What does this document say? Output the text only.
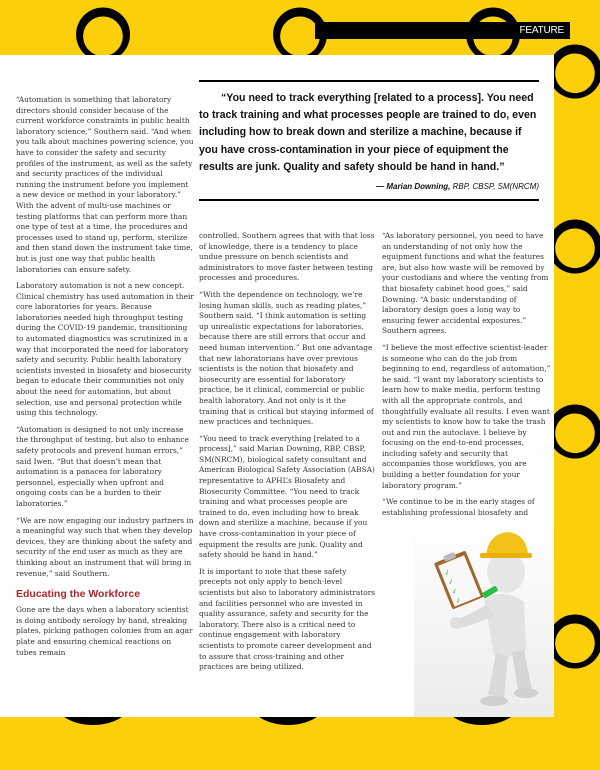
FEATURE

“You need to track everything [related to a process]. You need to track training and what processes people are trained to do, even including how to break down and sterilize a machine, because if you have cross-contamination in your piece of equipment the results are junk. Quality and safety should be hand in hand.”

— Marian Downing, RBP, CBSP, SM(NRCM)

“Automation is something that laboratory directors should consider because of the current workforce constraints in public health laboratory science,” Southern said. “And when you talk about machines powering science, you have to consider the safety and security profiles of the instrument, as well as the safety and security practices of the individual running the instrument before you implement a new device or method in your laboratory.” With the advent of multi-use machines or testing platforms that can perform more than one type of test at a time, the procedures and processes used to stand up, perform, sterilize and then stand down the instrument take time, but is just one way that public health laboratories can ensure safety.

Laboratory automation is not a new concept. Clinical chemistry has used automation in their core laboratories for years. Because laboratories needed high throughput testing during the COVID-19 pandemic, transitioning to automated diagnostics was scrutinized in a way that incorporated the need for laboratory safety and security. Public health laboratory scientists invested in biosafety and biosecurity began to educate their communities not only about the need for automation, but about selection, use and personal protection while using this technology.

“Automation is designed to not only increase the throughput of testing, but also to enhance safety protocols and prevent human errors,” said Iwen. “But that doesn’t mean that automation is a panacea for laboratory personnel, especially when upfront and ongoing costs can be a burden to their laboratories.”

“We are now engaging our industry partners in a meaningful way such that when they develop devices, they are thinking about the safety and security of the end user as much as they are thinking about an instrument that will bring in revenue,” said Southern.

Educating the Workforce

Gone are the days when a laboratory scientist is doing antibody serology by hand, streaking plates, picking pathogen colonies from an agar plate and ensuring chemical reactions on tubes remain

controlled. Southern agrees that with that loss of knowledge, there is a tendency to place undue pressure on bench scientists and administrators to move faster between testing processes and procedures.

“With the dependence on technology, we’re losing human skills, such as reading plates,” Southern said. “I think automation is setting up unrealistic expectations for laboratories, because there are still errors that occur and need human intervention.” But one advantage that new laboratorians have over previous scientists is the notion that biosafety and biosecurity are essential for laboratory practice, be it clinical, commercial or public health laboratory. And not only is it the training that is critical but staying informed of new practices and techniques.

“You need to track everything [related to a process],” said Marian Downing, RBP, CBSP, SM(NRCM), biological safety consultant and American Biological Safety Association (ABSA) representative to APHL’s Biosafety and Biosecurity Committee. “You need to track training and what processes people are trained to do, even including how to break down and sterilize a machine, because if you have cross-contamination in your piece of equipment the results are junk. Quality and safety should be hand in hand.”

It is important to note that these safety precepts not only apply to bench-level scientists but also to laboratory administrators and facilities personnel who are invested in quality assurance, safety and security for the laboratory. There also is a critical need to continue engagement with laboratory scientists to promote career development and to assure that cross-training and other practices are being utilized.

“As laboratory personnel, you need to have an understanding of not only how the equipment functions and what the features are, but also how waste will be removed by your custodians and where the venting from that biosafety cabinet hood goes,” said Downing. “A basic understanding of laboratory design goes a long way to ensuring fewer accidental exposures.” Southern agrees.

“I believe the most effective scientist-leader is someone who can do the job from beginning to end, regardless of automation,” he said. “I want my laboratory scientists to learn how to make media, perform testing with all the appropriate controls, and thoughtfully evaluate all results. I even want my scientists to know how to take the trash out and run the autoclave. I believe by focusing on the end-to-end processes, including safety and security that accompanies those workflows, you are building a better foundation for your laboratory program.”

“We continue to be in the early stages of establishing professional biosafety and

✓
✓
✓
✓
